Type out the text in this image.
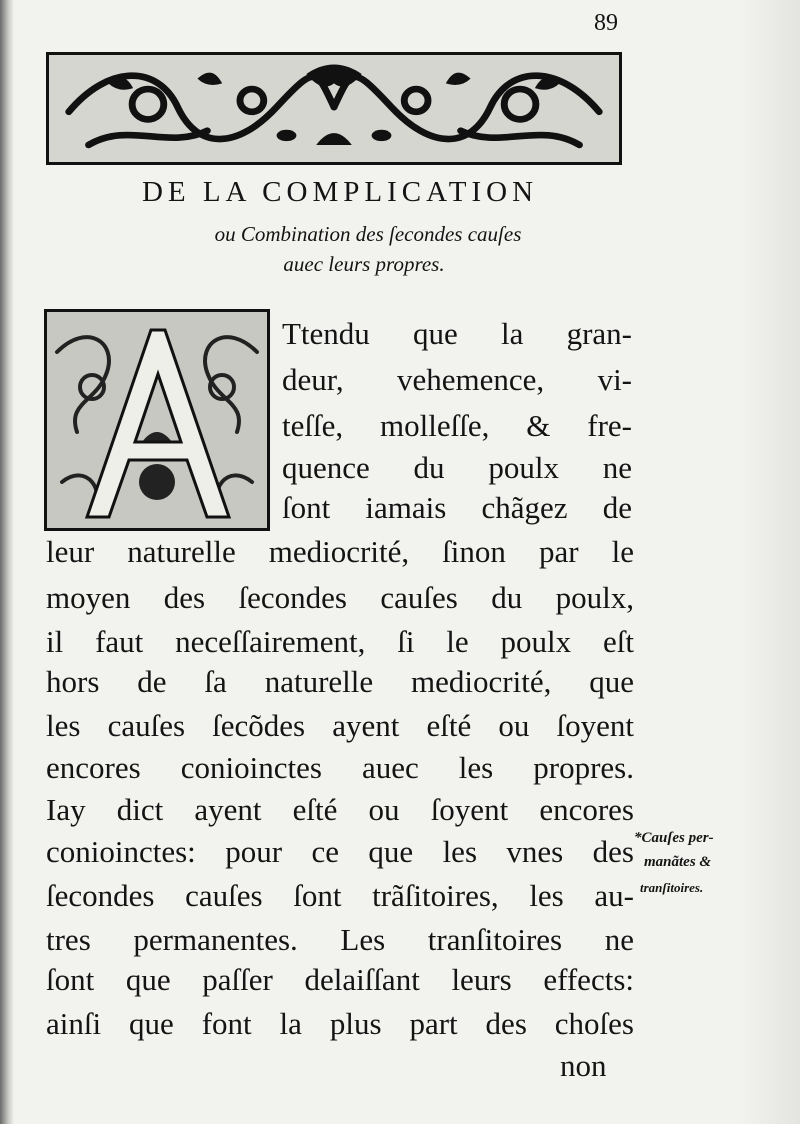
89
DE LA COMPLICATION
ou Combination des ſecondes cauſes
auec leurs propres.
A
Ttendu que la gran-
deur, vehemence, vi-
teſſe, molleſſe, & fre-
quence du poulx ne
ſont iamais chãgez de
leur naturelle mediocrité, ſinon par le
moyen des ſecondes cauſes du poulx,
il faut neceſſairement, ſi le poulx eſt
hors de ſa naturelle mediocrité, que
les cauſes ſecõdes ayent eſté ou ſoyent
encores conioinctes auec les propres.
Iay dict ayent eſté ou ſoyent encores
conioinctes: pour ce que les vnes des
ſecondes cauſes ſont trãſitoires, les au-
tres permanentes. Les tranſitoires ne
ſont que paſſer delaiſſant leurs effects:
ainſi que font la plus part des choſes
non
*Cauſes per-
manãtes &
tranſitoires.
